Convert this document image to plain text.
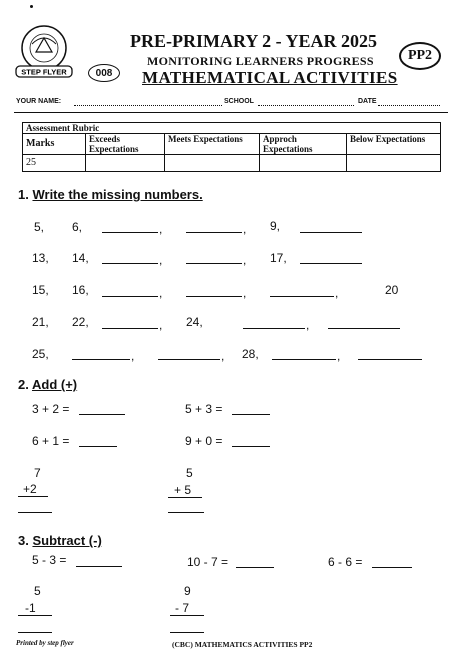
STEP FLYER	008
PRE-PRIMARY 2 - YEAR 2025
MONITORING LEARNERS PROGRESS
MATHEMATICAL ACTIVITIES
PP2
YOUR NAME:	SCHOOL	DATE
Assessment Rubric				
Marks	Exceeds Expectations	Meets Expectations	Approch Expectations	Below Expectations
25				
1. Write the missing numbers.
5, 6,	,	, 9,
13, 14,	,	, 17,
15, 16,	,	,	,	20
21, 22,	, 24,	,
25,	,	, 28,	,
2. Add (+)
3 + 2 =	5 + 3 =
6 + 1 =	9 + 0 =
7
+2
5
+ 5
3. Subtract (-)
5 - 3 =	10 - 7 =	6 - 6 =
5
-1
9
- 7
Printed by step flyer	(CBC) MATHEMATICS ACTIVITIES PP2
